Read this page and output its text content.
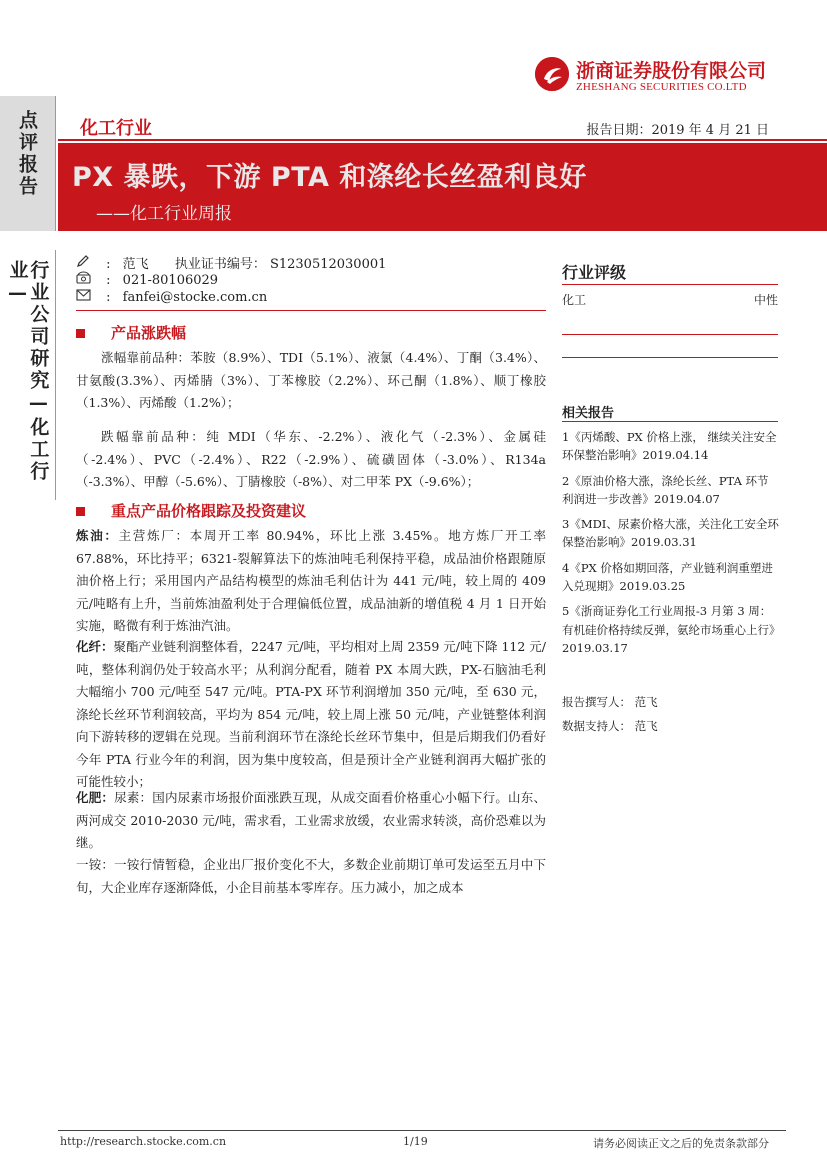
点评报告
行业公司研究—化工行业—
浙商证券股份有限公司
ZHESHANG SECURITIES CO.LTD
化工行业	报告日期：2019 年 4 月 21 日
PX 暴跌，下游 PTA 和涤纶长丝盈利良好
——化工行业周报
: 范飞 执业证书编号： S1230512030001
: 021-80106029
: fanfei@stocke.com.cn
产品涨跌幅

涨幅靠前品种：苯胺（8.9%）、TDI（5.1%）、液氯（4.4%）、丁酮（3.4%）、甘氨酸(3.3%）、丙烯腈（3%）、丁苯橡胶（2.2%）、环己酮（1.8%）、顺丁橡胶（1.3%）、丙烯酸（1.2%）；

跌幅靠前品种：纯 MDI（华东、-2.2%）、液化气（-2.3%）、金属硅（-2.4%）、PVC（-2.4%）、R22（-2.9%）、硫磺固体（-3.0%）、R134a（-3.3%）、甲醇（-5.6%）、丁腈橡胶（-8%）、对二甲苯 PX（-9.6%）；

重点产品价格跟踪及投资建议

炼油：主营炼厂：本周开工率 80.94%，环比上涨 3.45%。地方炼厂开工率 67.88%，环比持平；6321-裂解算法下的炼油吨毛利保持平稳，成品油价格跟随原油价格上行；采用国内产品结构模型的炼油毛利估计为 441 元/吨，较上周的 409 元/吨略有上升，当前炼油盈利处于合理偏低位置，成品油新的增值税 4 月 1 日开始实施，略微有利于炼油汽油。

化纤：聚酯产业链利润整体看，2247 元/吨，平均相对上周 2359 元/吨下降 112 元/吨，整体利润仍处于较高水平；从利润分配看，随着 PX 本周大跌，PX-石脑油毛利大幅缩小 700 元/吨至 547 元/吨。PTA-PX 环节利润增加 350 元/吨，至 630 元，涤纶长丝环节利润较高，平均为 854 元/吨，较上周上涨 50 元/吨，产业链整体利润向下游转移的逻辑在兑现。当前利润环节在涤纶长丝环节集中，但是后期我们仍看好今年 PTA 行业今年的利润，因为集中度较高，但是预计全产业链利润再大幅扩张的可能性较小；

化肥：尿素：国内尿素市场报价面涨跌互现，从成交面看价格重心小幅下行。山东、两河成交 2010-2030 元/吨，需求看，工业需求放缓，农业需求转淡，高价恐难以为继。

一铵：一铵行情暂稳，企业出厂报价变化不大，多数企业前期订单可发运至五月中下旬，大企业库存逐渐降低，小企目前基本零库存。压力减小，加之成本

行业评级
化工	中性
相关报告
1《丙烯酸、PX 价格上涨， 继续关注安全环保整治影响》2019.04.14
2《原油价格大涨，涤纶长丝、PTA 环节利润进一步改善》2019.04.07
3《MDI、尿素价格大涨，关注化工安全环保整治影响》2019.03.31
4《PX 价格如期回落，产业链利润重塑进入兑现期》2019.03.25
5《浙商证券化工行业周报-3 月第 3 周：有机硅价格持续反弹，氨纶市场重心上行》2019.03.17
报告撰写人： 范飞
数据支持人： 范飞
http://research.stocke.com.cn	1/19	请务必阅读正文之后的免责条款部分
